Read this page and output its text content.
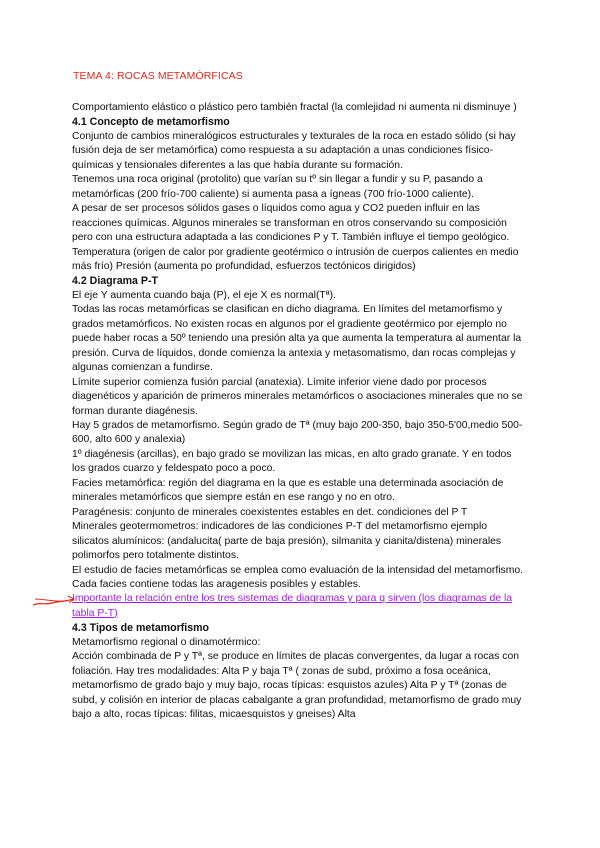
TEMA 4: ROCAS METAMÓRFICAS

Comportamiento elástico o plástico pero también fractal (la comlejidad ni aumenta ni disminuye )

4.1 Concepto de metamorfismo

Conjunto de cambios mineralógicos estructurales y texturales de la roca en estado sólido (si hay fusión deja de ser metamórfica) como respuesta a su adaptación a unas condiciones físico-químicas y tensionales diferentes a las que había durante su formación.

Tenemos una roca original (protolito) que varían su tº sin llegar a fundir y su P, pasando a metamórficas (200 frío-700 caliente) si aumenta pasa a ígneas (700 frío-1000 caliente).

A pesar de ser procesos sólidos gases o líquidos como agua y CO2 pueden influir en las reacciones químicas. Algunos minerales se transforman en otros conservando su composición pero con una estructura adaptada a las condiciones P y T. También influye el tiempo geológico. Temperatura (origen de calor por gradiente geotérmico o intrusión de cuerpos calientes en medio más frío) Presión (aumenta po profundidad, esfuerzos tectónicos dirigidos)

4.2 Diagrama P-T

El eje Y aumenta cuando baja (P), el eje X es normal(Tª).

Todas las rocas metamórficas se clasifican en dicho diagrama. En límites del metamorfismo y grados metamórficos. No existen rocas en algunos por el gradiente geotérmico por ejemplo no puede haber rocas a 50º teniendo una presión alta ya que aumenta la temperatura al aumentar la presión. Curva de líquidos, donde comienza la antexia y metasomatismo, dan rocas complejas y algunas comienzan a fundirse.

Límite superior comienza fusión parcial (anatexia). Límite inferior viene dado por procesos diagenéticos y aparición de primeros minerales metamórficos o asociaciones minerales que no se forman durante diagénesis.

Hay 5 grados de metamorfismo. Según grado de Tª (muy bajo 200-350, bajo 350-5'00,medio 500-600, alto 600 y analexia)

1º diagénesis (arcillas), en bajo grado se movilizan las micas, en alto grado granate. Y en todos los grados cuarzo y feldespato poco a poco.

Facies metamórfica: región del diagrama en la que es estable una determinada asociación de minerales metamórficos que siempre están en ese rango y no en otro.

Paragénesis: conjunto de minerales coexistentes estables en det. condiciones del P T

Minerales geotermometros: indicadores de las condiciones P-T del metamorfismo ejemplo silicatos alumínicos: (andalucita( parte de baja presión), silmanita y cianita/distena) minerales polimorfos pero totalmente distintos.

El estudio de facies metamórficas se emplea como evaluación de la intensidad del metamorfismo. Cada facies contiene todas las aragenesis posibles y estables.

Importante la relación entre los tres sistemas de diagramas y para q sirven (los diagramas de la tabla P-T)

4.3 Tipos de metamorfismo

Metamorfismo regional o dinamotérmico:

Acción combinada de P y Tª, se produce en límites de placas convergentes, da lugar a rocas con foliación. Hay tres modalidades: Alta P y baja Tª ( zonas de subd, próximo a fosa oceánica, metamorfismo de grado bajo y muy bajo, rocas típicas: esquistos azules) Alta P y Tª (zonas de subd, y colisión en interior de placas cabalgante a gran profundidad, metamorfismo de grado muy bajo a alto, rocas típicas: filitas, micaesquistos y gneises) Alta
